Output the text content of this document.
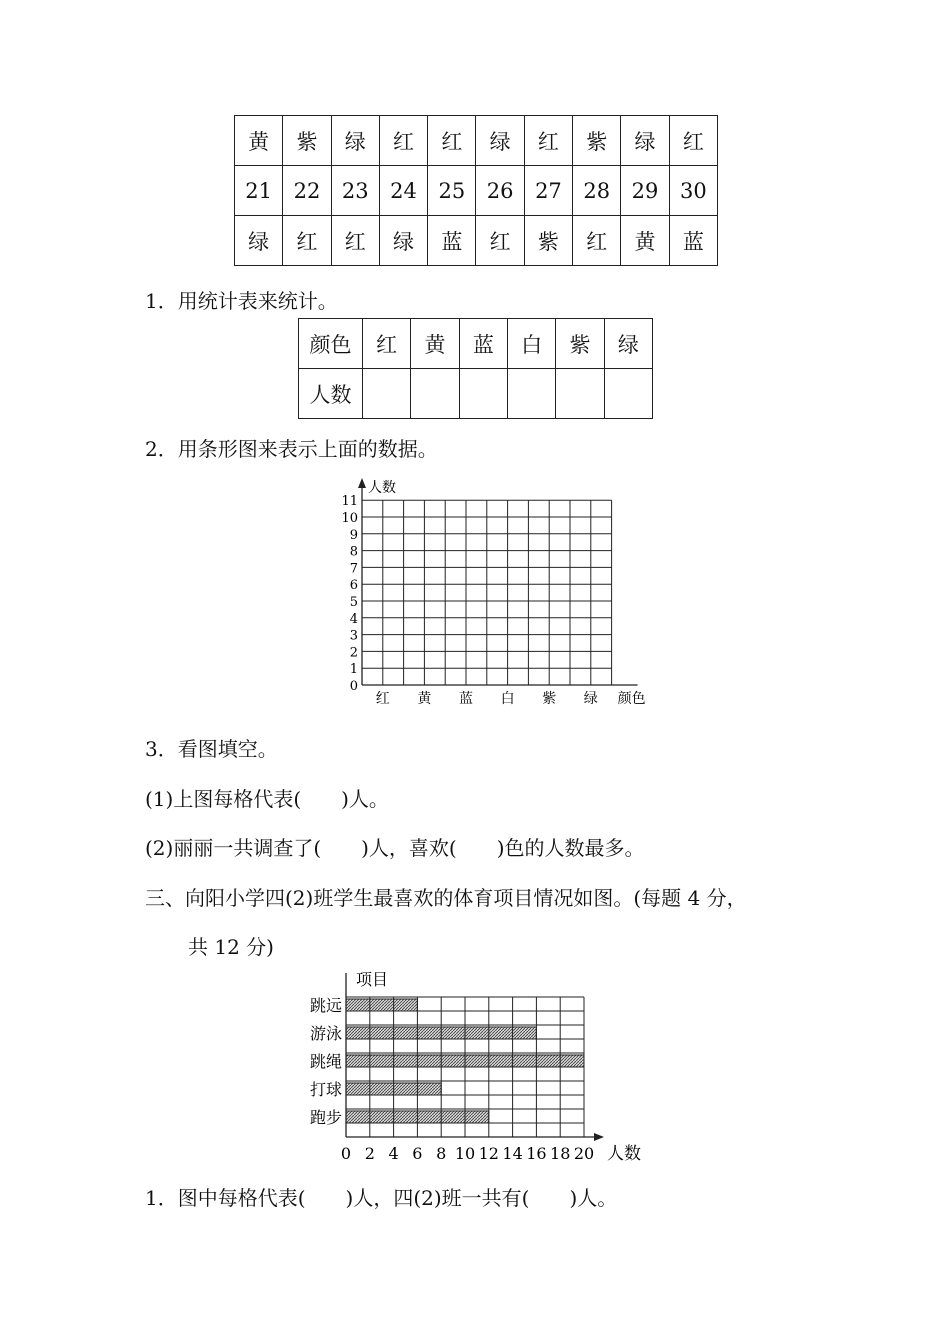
黄	紫	绿	红	红	绿	红	紫	绿	红
21	22	23	24	25	26	27	28	29	30
绿	红	红	绿	蓝	红	紫	红	黄	蓝
1．用统计表来统计。
颜色	红	黄	蓝	白	紫	绿
人数						
2．用条形图来表示上面的数据。
人数
0
1
2
3
4
5
6
7
8
9
10
11
红 黄 蓝 白 紫 绿 颜色
3．看图填空。
(1)上图每格代表(　　)人。
(2)丽丽一共调查了(　　)人，喜欢(　　)色的人数最多。
三、向阳小学四(2)班学生最喜欢的体育项目情况如图。(每题 4 分，
共 12 分)
项目
跳远
游泳
跳绳
打球
跑步
0 2 4 6 8 10 12 14 16 18 20 人数
1．图中每格代表(　　)人，四(2)班一共有(　　)人。
